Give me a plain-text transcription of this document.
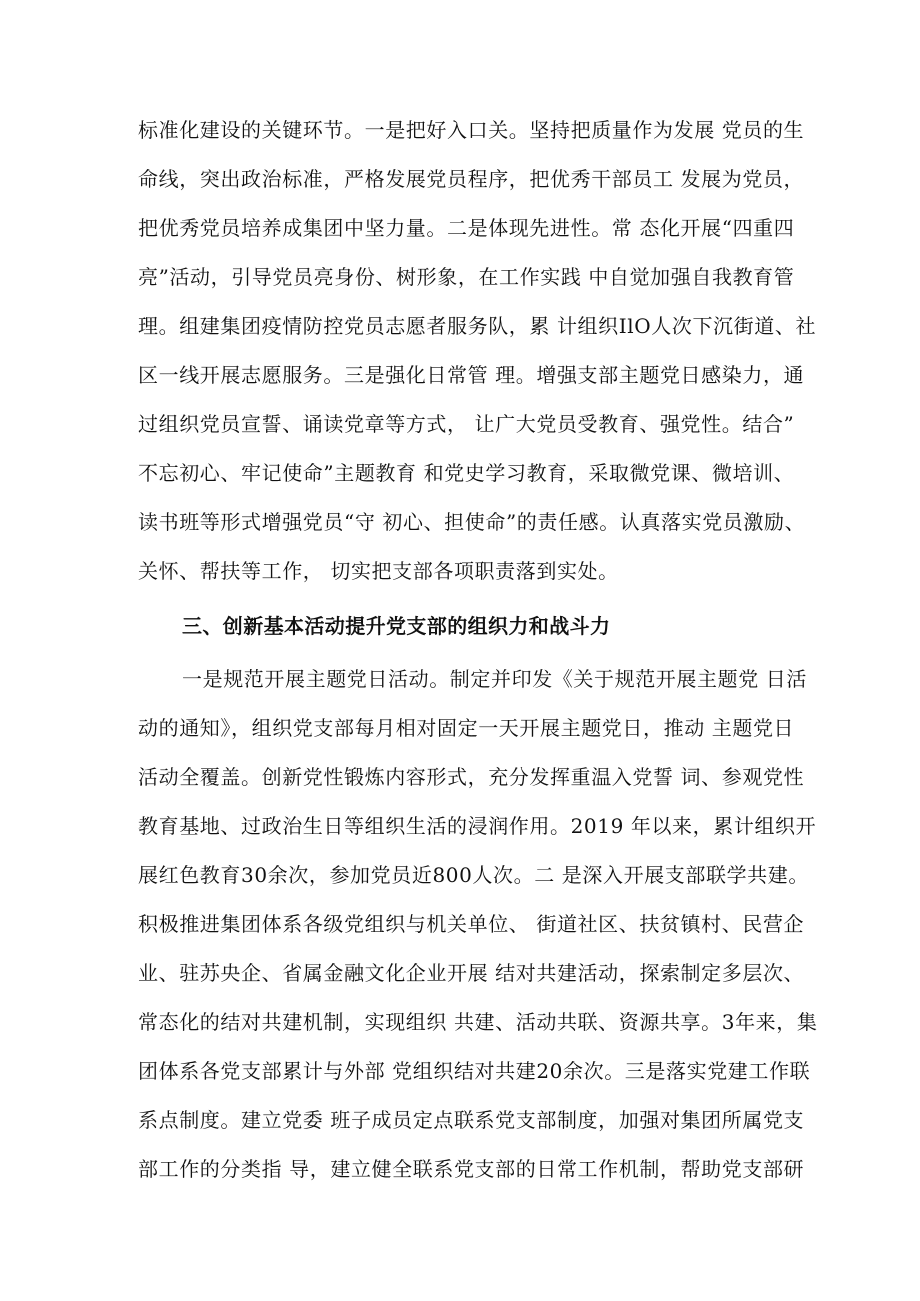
标准化建设的关键环节。一是把好入口关。坚持把质量作为发展 党员的生
命线，突出政治标准，严格发展党员程序，把优秀干部员工 发展为党员，
把优秀党员培养成集团中坚力量。二是体现先进性。常 态化开展“四重四
亮”活动，引导党员亮身份、树形象，在工作实践 中自觉加强自我教育管
理。组建集团疫情防控党员志愿者服务队，累 计组织IlO人次下沉街道、社
区一线开展志愿服务。三是强化日常管 理。增强支部主题党日感染力，通
过组织党员宣誓、诵读党章等方式， 让广大党员受教育、强党性。结合”
不忘初心、牢记使命”主题教育 和党史学习教育，采取微党课、微培训、
读书班等形式增强党员“守 初心、担使命”的责任感。认真落实党员激励、
关怀、帮扶等工作， 切实把支部各项职责落到实处。
三、创新基本活动提升党支部的组织力和战斗力
一是规范开展主题党日活动。制定并印发《关于规范开展主题党 日活
动的通知》，组织党支部每月相对固定一天开展主题党日，推动 主题党日
活动全覆盖。创新党性锻炼内容形式，充分发挥重温入党誓 词、参观党性
教育基地、过政治生日等组织生活的浸润作用。2019 年以来，累计组织开
展红色教育30余次，参加党员近800人次。二 是深入开展支部联学共建。
积极推进集团体系各级党组织与机关单位、 街道社区、扶贫镇村、民营企
业、驻苏央企、省属金融文化企业开展 结对共建活动，探索制定多层次、
常态化的结对共建机制，实现组织 共建、活动共联、资源共享。3年来，集
团体系各党支部累计与外部 党组织结对共建20余次。三是落实党建工作联
系点制度。建立党委 班子成员定点联系党支部制度，加强对集团所属党支
部工作的分类指 导，建立健全联系党支部的日常工作机制，帮助党支部研
